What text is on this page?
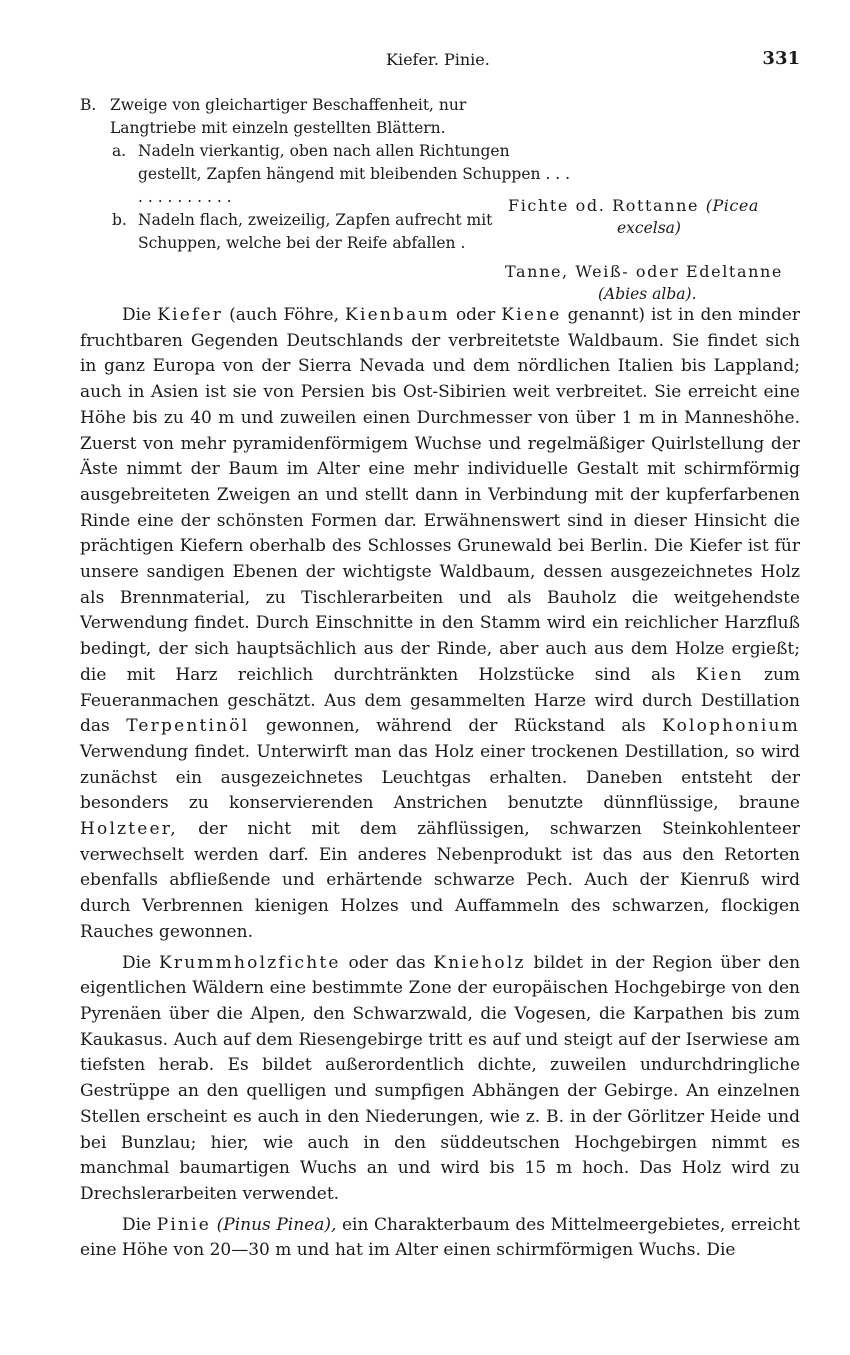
Kiefer. Pinie.	331
B. Zweige von gleichartiger Beschaffenheit, nur Langtriebe mit einzeln gestellten Blättern.
a. Nadeln vierkantig, oben nach allen Richtungen gestellt, Zapfen hängend mit bleibenden Schuppen . . . . . . . . . . . . .
b. Nadeln flach, zweizeilig, Zapfen aufrecht mit Schuppen, welche bei der Reife abfallen .
Fichte od. Rottanne (Picea
excelsa)
Tanne, Weiß- oder Edeltanne
(Abies alba).

Die Kiefer (auch Föhre, Kienbaum oder Kiene genannt) ist in den minder fruchtbaren Gegenden Deutschlands der verbreitetste Waldbaum. Sie findet sich in ganz Europa von der Sierra Nevada und dem nördlichen Italien bis Lappland; auch in Asien ist sie von Persien bis Ost-Sibirien weit verbreitet. Sie erreicht eine Höhe bis zu 40 m und zuweilen einen Durchmesser von über 1 m in Manneshöhe. Zuerst von mehr pyramidenförmigem Wuchse und regelmäßiger Quirlstellung der Äste nimmt der Baum im Alter eine mehr individuelle Gestalt mit schirmförmig ausgebreiteten Zweigen an und stellt dann in Verbindung mit der kupferfarbenen Rinde eine der schönsten Formen dar. Erwähnenswert sind in dieser Hinsicht die prächtigen Kiefern oberhalb des Schlosses Grunewald bei Berlin. Die Kiefer ist für unsere sandigen Ebenen der wichtigste Waldbaum, dessen ausgezeichnetes Holz als Brennmaterial, zu Tischlerarbeiten und als Bauholz die weitgehendste Verwendung findet. Durch Einschnitte in den Stamm wird ein reichlicher Harzfluß bedingt, der sich hauptsächlich aus der Rinde, aber auch aus dem Holze ergießt; die mit Harz reichlich durchtränkten Holzstücke sind als Kien zum Feueranmachen geschätzt. Aus dem gesammelten Harze wird durch Destillation das Terpentinöl gewonnen, während der Rückstand als Kolophonium Verwendung findet. Unterwirft man das Holz einer trockenen Destillation, so wird zunächst ein ausgezeichnetes Leuchtgas erhalten. Daneben entsteht der besonders zu konservierenden Anstrichen benutzte dünnflüssige, braune Holzteer, der nicht mit dem zähflüssigen, schwarzen Steinkohlenteer verwechselt werden darf. Ein anderes Nebenprodukt ist das aus den Retorten ebenfalls abfließende und erhärtende schwarze Pech. Auch der Kienruß wird durch Verbrennen kienigen Holzes und Auffammeln des schwarzen, flockigen Rauches gewonnen.

Die Krummholzfichte oder das Knieholz bildet in der Region über den eigentlichen Wäldern eine bestimmte Zone der europäischen Hochgebirge von den Pyrenäen über die Alpen, den Schwarzwald, die Vogesen, die Karpathen bis zum Kaukasus. Auch auf dem Riesengebirge tritt es auf und steigt auf der Iserwiese am tiefsten herab. Es bildet außerordentlich dichte, zuweilen undurchdringliche Gestrüppe an den quelligen und sumpfigen Abhängen der Gebirge. An einzelnen Stellen erscheint es auch in den Niederungen, wie z. B. in der Görlitzer Heide und bei Bunzlau; hier, wie auch in den süddeutschen Hochgebirgen nimmt es manchmal baumartigen Wuchs an und wird bis 15 m hoch. Das Holz wird zu Drechslerarbeiten verwendet.

Die Pinie (Pinus Pinea), ein Charakterbaum des Mittelmeergebietes, erreicht eine Höhe von 20—30 m und hat im Alter einen schirmförmigen Wuchs. Die
